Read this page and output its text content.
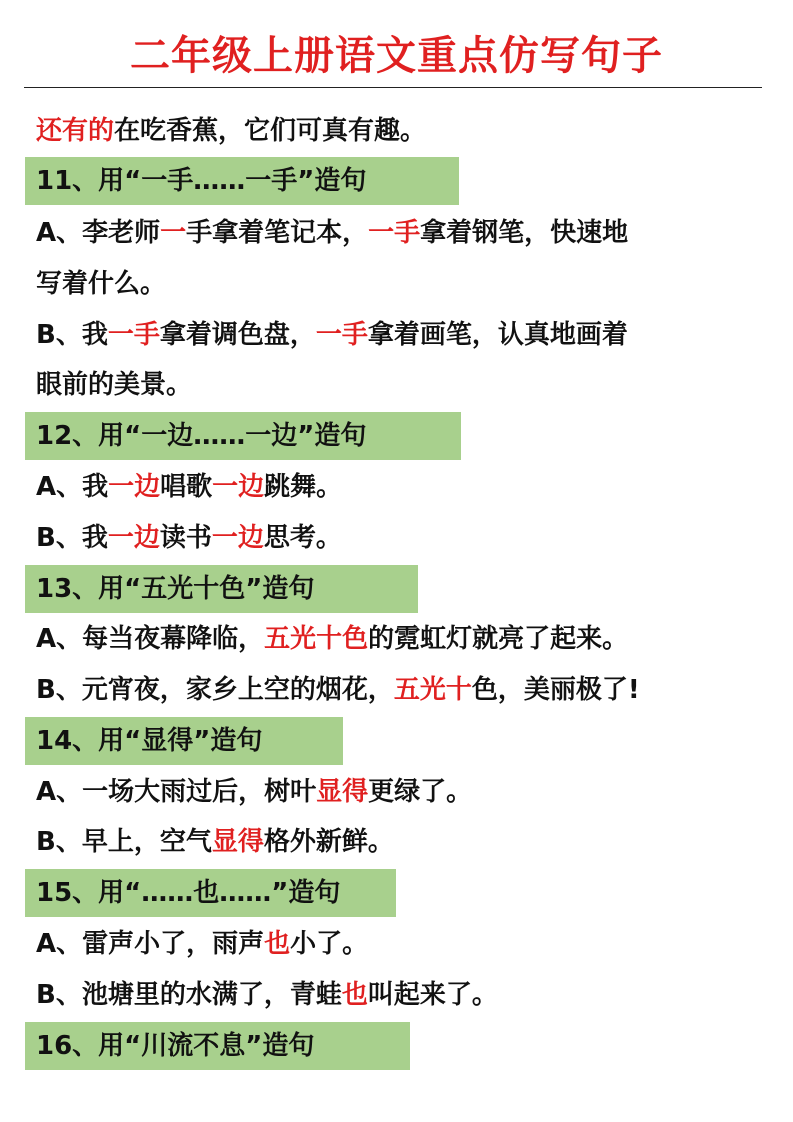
二年级上册语文重点仿写句子
还有的在吃香蕉，它们可真有趣。
11、用“一手……一手”造句
A、李老师一手拿着笔记本，一手拿着钢笔，快速地
写着什么。
B、我一手拿着调色盘，一手拿着画笔，认真地画着
眼前的美景。
12、用“一边……一边”造句
A、我一边唱歌一边跳舞。
B、我一边读书一边思考。
13、用“五光十色”造句
A、每当夜幕降临，五光十色的霓虹灯就亮了起来。
B、元宵夜，家乡上空的烟花，五光十色，美丽极了!
14、用“显得”造句
A、一场大雨过后，树叶显得更绿了。
B、早上，空气显得格外新鲜。
15、用“……也……”造句
A、雷声小了，雨声也小了。
B、池塘里的水满了，青蛙也叫起来了。
16、用“川流不息”造句
